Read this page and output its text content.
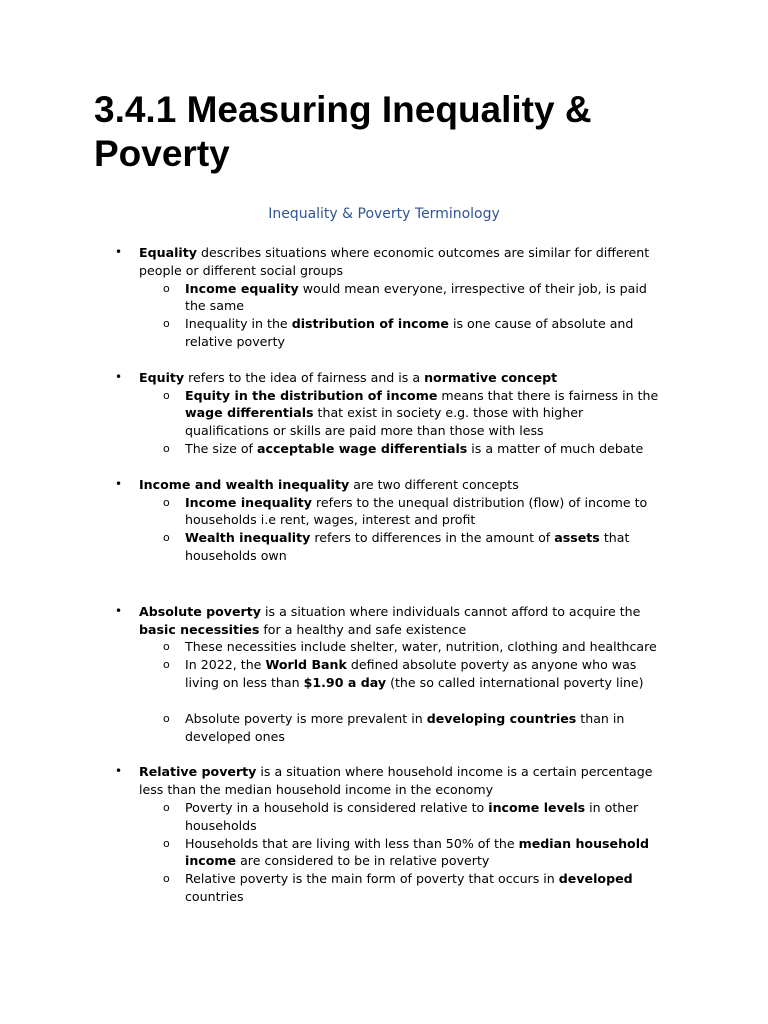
3.4.1 Measuring Inequality & Poverty
Inequality & Poverty Terminology
• Equality describes situations where economic outcomes are similar for different people or different social groups
o Income equality would mean everyone, irrespective of their job, is paid the same
o Inequality in the distribution of income is one cause of absolute and relative poverty
• Equity refers to the idea of fairness and is a normative concept
o Equity in the distribution of income means that there is fairness in the wage differentials that exist in society e.g. those with higher qualifications or skills are paid more than those with less
o The size of acceptable wage differentials is a matter of much debate
• Income and wealth inequality are two different concepts
o Income inequality refers to the unequal distribution (flow) of income to households i.e rent, wages, interest and profit
o Wealth inequality refers to differences in the amount of assets that households own
• Absolute poverty is a situation where individuals cannot afford to acquire the basic necessities for a healthy and safe existence
o These necessities include shelter, water, nutrition, clothing and healthcare
o In 2022, the World Bank defined absolute poverty as anyone who was living on less than $1.90 a day (the so called international poverty line)
o Absolute poverty is more prevalent in developing countries than in developed ones
• Relative poverty is a situation where household income is a certain percentage less than the median household income in the economy
o Poverty in a household is considered relative to income levels in other households
o Households that are living with less than 50% of the median household income are considered to be in relative poverty
o Relative poverty is the main form of poverty that occurs in developed countries
